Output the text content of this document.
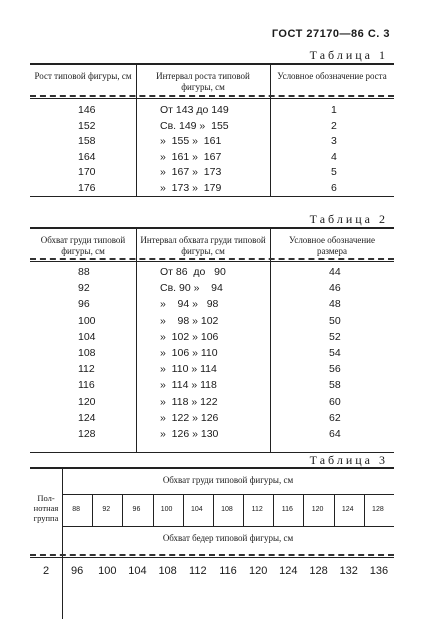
ГОСТ 27170—86 С. 3
Таблица 1
Рост типовой фигуры, см	Интервал роста типовой фигуры, см
Условное обозначение роста
146	От 143 до 149	1
152	Св. 149 »  155	2
158	»  155 »  161	3
164	»  161 »  167	4
170	»  167 »  173	5
176	»  173 »  179	6
Таблица 2
Обхват груди типовой фигуры, см
Интервал обхвата груди типовой фигуры, см
Условное обозначение размера
88	От 86  до   90	44
92	Св. 90 »    94	46
96	»    94 »   98	48
100	»    98 » 102	50
104	»  102 » 106	52
108	»  106 » 110	54
112	»  110 » 114	56
116	»  114 » 118	58
120	»  118 » 122	60
124	»  122 » 126	62
128	»  126 » 130	64
Таблица 3
Пол-нотная группа
Обхват груди типовой фигуры, см
88	92	96	100	104	108	112	116	120	124	128
Обхват бедер типовой фигуры, см
2	96	100	104	108	112	116	120	124	128	132	136
